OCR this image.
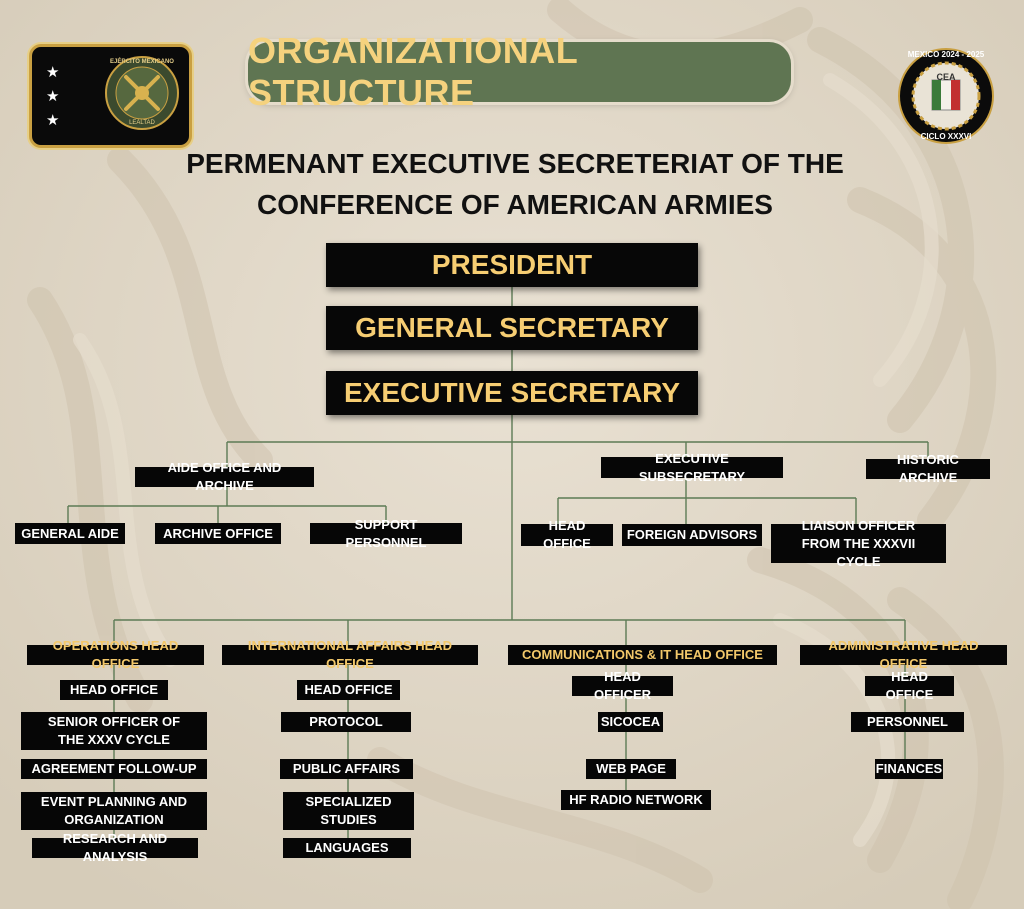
★
★
★
EJÉRCITO MEXICANO
LEALTAD
ORGANIZATIONAL STRUCTURE
MEXICO 2024 - 2025
CEA
CICLO XXXVI
PERMENANT EXECUTIVE SECRETERIAT OF THE
CONFERENCE OF AMERICAN ARMIES
PRESIDENT
GENERAL SECRETARY
EXECUTIVE SECRETARY
AIDE OFFICE AND ARCHIVE
GENERAL AIDE	ARCHIVE OFFICE
SUPPORT PERSONNEL
EXECUTIVE SUBSECRETARY
HISTORIC ARCHIVE
HEAD OFFICE
FOREIGN ADVISORS
LIAISON OFFICER FROM THE XXXVII CYCLE
OPERATIONS HEAD OFFICE
INTERNATIONAL AFFAIRS HEAD OFFICE
COMMUNICATIONS & IT HEAD OFFICE
ADMINISTRATIVE HEAD OFFICE
HEAD OFFICE
SENIOR OFFICER OF THE XXXV CYCLE
AGREEMENT FOLLOW-UP
EVENT PLANNING AND ORGANIZATION
RESEARCH AND ANALYSIS
HEAD OFFICE
PROTOCOL
PUBLIC AFFAIRS
SPECIALIZED STUDIES
LANGUAGES
HEAD OFFICER
SICOCEA
WEB PAGE
HF RADIO NETWORK
HEAD OFFICE
PERSONNEL
FINANCES
